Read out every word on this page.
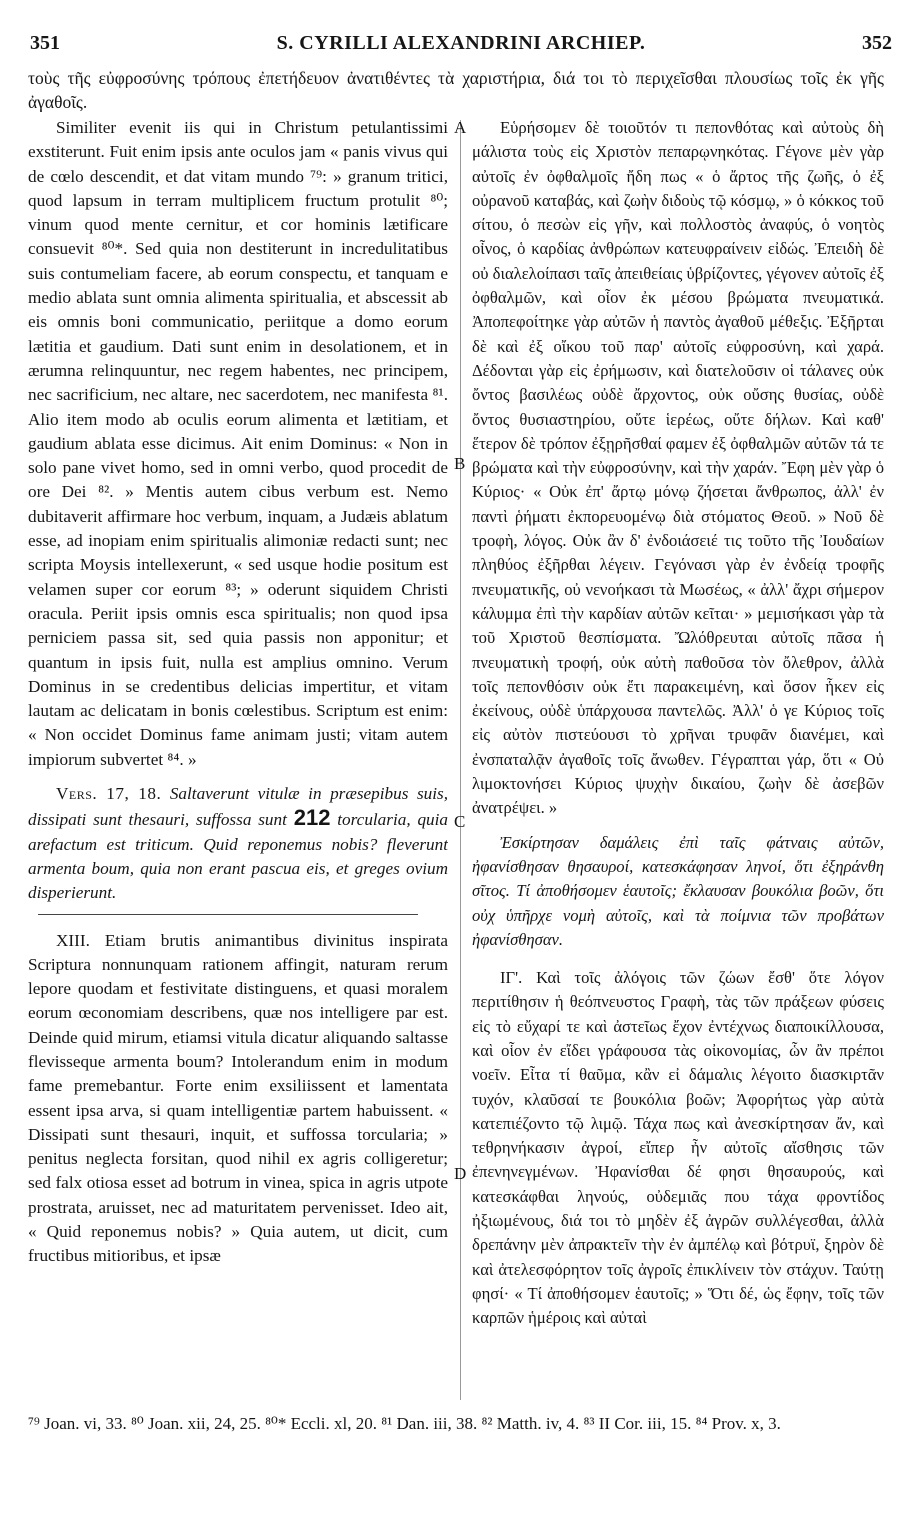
351	S. CYRILLI ALEXANDRINI ARCHIEP.	352
τοὺς τῆς εὐφροσύνης τρόπους ἐπετήδευον ἀνατιθέντες τὰ χαριστήρια, διά τοι τὸ περιχεῖσθαι πλουσίως τοῖς ἐκ γῆς ἀγαθοῖς.

Similiter evenit iis qui in Christum petulantissimi exstiterunt. Fuit enim ipsis ante oculos jam « panis vivus qui de cœlo descendit, et dat vitam mundo ⁷⁹: » granum tritici, quod lapsum in terram multiplicem fructum protulit ⁸⁰; vinum quod mente cernitur, et cor hominis lætificare consuevit ⁸⁰*. Sed quia non destiterunt in incredulitatibus suis contumeliam facere, ab eorum conspectu, et tanquam e medio ablata sunt omnia alimenta spiritualia, et abscessit ab eis omnis boni communicatio, periitque a domo eorum lætitia et gaudium. Dati sunt enim in desolationem, et in ærumna relinquuntur, nec regem habentes, nec principem, nec sacrificium, nec altare, nec sacerdotem, nec manifesta ⁸¹. Alio item modo ab oculis eorum alimenta et lætitiam, et gaudium ablata esse dicimus. Ait enim Dominus: « Non in solo pane vivet homo, sed in omni verbo, quod procedit de ore Dei ⁸². » Mentis autem cibus verbum est. Nemo dubitaverit affirmare hoc verbum, inquam, a Judæis ablatum esse, ad inopiam enim spiritualis alimoniæ redacti sunt; nec scripta Moysis intellexerunt, « sed usque hodie positum est velamen super cor eorum ⁸³; » oderunt siquidem Christi oracula. Periit ipsis omnis esca spiritualis; non quod ipsa perniciem passa sit, sed quia passis non apponitur; et quantum in ipsis fuit, nulla est amplius omnino. Verum Dominus in se credentibus delicias impertitur, et vitam lautam ac delicatam in bonis cœlestibus. Scriptum est enim: « Non occidet Dominus fame animam justi; vitam autem impiorum subvertet ⁸⁴. »

Vers. 17, 18. Saltaverunt vitulæ in præsepibus suis, dissipati sunt thesauri, suffossa sunt 212 torcularia, quia arefactum est triticum. Quid reponemus nobis? fleverunt armenta boum, quia non erant pascua eis, et greges ovium disperierunt.

XIII. Etiam brutis animantibus divinitus inspirata Scriptura nonnunquam rationem affingit, naturam rerum lepore quodam et festivitate distinguens, et quasi moralem eorum œconomiam describens, quæ nos intelligere par est. Deinde quid mirum, etiamsi vitula dicatur aliquando saltasse flevisseque armenta boum? Intolerandum enim in modum fame premebantur. Forte enim exsiliissent et lamentata essent ipsa arva, si quam intelligentiæ partem habuissent. « Dissipati sunt thesauri, inquit, et suffossa torcularia; » penitus neglecta forsitan, quod nihil ex agris colligeretur; sed falx otiosa esset ad botrum in vinea, spica in agris utpote prostrata, aruisset, nec ad maturitatem pervenisset. Ideo ait, « Quid reponemus nobis? » Quia autem, ut dicit, cum fructibus mitioribus, et ipsæ

Εὑρήσομεν δὲ τοιοῦτόν τι πεπονθότας καὶ αὐτοὺς δὴ μάλιστα τοὺς εἰς Χριστὸν πεπαρῳνηκότας. Γέγονε μὲν γὰρ αὐτοῖς ἐν ὀφθαλμοῖς ἤδη πως « ὁ ἄρτος τῆς ζωῆς, ὁ ἐξ οὐρανοῦ καταβάς, καὶ ζωὴν διδοὺς τῷ κόσμῳ, » ὁ κόκκος τοῦ σίτου, ὁ πεσὼν εἰς γῆν, καὶ πολλοστὸς ἀναφύς, ὁ νοητὸς οἶνος, ὁ καρδίας ἀνθρώπων κατευφραίνειν εἰδώς. Ἐπειδὴ δὲ οὐ διαλελοίπασι ταῖς ἀπειθείαις ὑβρίζοντες, γέγονεν αὐτοῖς ἐξ ὀφθαλμῶν, καὶ οἷον ἐκ μέσου βρώματα πνευματικά. Ἀποπεφοίτηκε γὰρ αὐτῶν ἡ παντὸς ἀγαθοῦ μέθεξις. Ἐξῆρται δὲ καὶ ἐξ οἴκου τοῦ παρ' αὐτοῖς εὐφροσύνη, καὶ χαρά. Δέδονται γὰρ εἰς ἐρήμωσιν, καὶ διατελοῦσιν οἱ τάλανες οὐκ ὄντος βασιλέως οὐδὲ ἄρχοντος, οὐκ οὔσης θυσίας, οὐδὲ ὄντος θυσιαστηρίου, οὔτε ἱερέως, οὔτε δήλων. Καὶ καθ' ἕτερον δὲ τρόπον ἐξῃρῆσθαί φαμεν ἐξ ὀφθαλμῶν αὐτῶν τά τε βρώματα καὶ τὴν εὐφροσύνην, καὶ τὴν χαράν. Ἔφη μὲν γὰρ ὁ Κύριος· « Οὐκ ἐπ' ἄρτῳ μόνῳ ζήσεται ἄνθρωπος, ἀλλ' ἐν παντὶ ῥήματι ἐκπορευομένῳ διὰ στόματος Θεοῦ. » Νοῦ δὲ τροφὴ, λόγος. Οὐκ ἂν δ' ἐνδοιάσειέ τις τοῦτο τῆς Ἰουδαίων πληθύος ἐξῆρθαι λέγειν. Γεγόνασι γὰρ ἐν ἐνδείᾳ τροφῆς πνευματικῆς, οὐ νενοήκασι τὰ Μωσέως, « ἀλλ' ἄχρι σήμερον κάλυμμα ἐπὶ τὴν καρδίαν αὐτῶν κεῖται· » μεμισήκασι γὰρ τὰ τοῦ Χριστοῦ θεσπίσματα. Ὤλόθρευται αὐτοῖς πᾶσα ἡ πνευματικὴ τροφή, οὐκ αὐτὴ παθοῦσα τὸν ὄλεθρον, ἀλλὰ τοῖς πεπονθόσιν οὐκ ἔτι παρακειμένη, καὶ ὅσον ἧκεν εἰς ἐκείνους, οὐδὲ ὑπάρχουσα παντελῶς. Ἀλλ' ὁ γε Κύριος τοῖς εἰς αὐτὸν πιστεύουσι τὸ χρῆναι τρυφᾶν διανέμει, καὶ ἐνσπαταλᾷν ἀγαθοῖς τοῖς ἄνωθεν. Γέγραπται γάρ, ὅτι « Οὐ λιμοκτονήσει Κύριος ψυχὴν δικαίου, ζωὴν δὲ ἀσεβῶν ἀνατρέψει. »

Ἐσκίρτησαν δαμάλεις ἐπὶ ταῖς φάτναις αὐτῶν, ἠφανίσθησαν θησαυροί, κατεσκάφησαν ληνοί, ὅτι ἐξηράνθη σῖτος. Τί ἀποθήσομεν ἑαυτοῖς; ἔκλαυσαν βουκόλια βοῶν, ὅτι οὐχ ὑπῆρχε νομὴ αὐτοῖς, καὶ τὰ ποίμνια τῶν προβάτων ἠφανίσθησαν.

ΙΓ'. Καὶ τοῖς ἀλόγοις τῶν ζώων ἔσθ' ὅτε λόγον περιτίθησιν ἡ θεόπνευστος Γραφὴ, τὰς τῶν πράξεων φύσεις εἰς τὸ εὔχαρί τε καὶ ἀστεῖως ἔχον ἐντέχνως διαποικίλλουσα, καὶ οἷον ἐν εἴδει γράφουσα τὰς οἰκονομίας, ὧν ἂν πρέποι νοεῖν. Εἶτα τί θαῦμα, κἂν εἰ δάμαλις λέγοιτο διασκιρτᾶν τυχόν, κλαῦσαί τε βουκόλια βοῶν; Ἀφορήτως γὰρ αὐτὰ κατεπιέζοντο τῷ λιμῷ. Τάχα πως καὶ ἀνεσκίρτησαν ἄν, καὶ τεθρηνήκασιν ἀγροί, εἴπερ ἦν αὐτοῖς αἴσθησις τῶν ἐπενηνεγμένων. Ἠφανίσθαι δέ φησι θησαυρούς, καὶ κατεσκάφθαι ληνούς, οὐδεμιᾶς που τάχα φροντίδος ἠξιωμένους, διά τοι τὸ μηδὲν ἐξ ἀγρῶν συλλέγεσθαι, ἀλλὰ δρεπάνην μὲν ἀπρακτεῖν τὴν ἐν ἀμπέλῳ καὶ βότρυϊ, ξηρὸν δὲ καὶ ἀτελεσφόρητον τοῖς ἀγροῖς ἐπικλίνειν τὸν στάχυν. Ταύτῃ φησί· « Τί ἀποθήσομεν ἑαυτοῖς; » Ὅτι δέ, ὡς ἔφην, τοῖς τῶν καρπῶν ἡμέροις καὶ αὐταὶ

A
B
C
D
⁷⁹ Joan. vi, 33. ⁸⁰ Joan. xii, 24, 25. ⁸⁰* Eccli. xl, 20. ⁸¹ Dan. iii, 38. ⁸² Matth. iv, 4. ⁸³ II Cor. iii, 15. ⁸⁴ Prov. x, 3.
